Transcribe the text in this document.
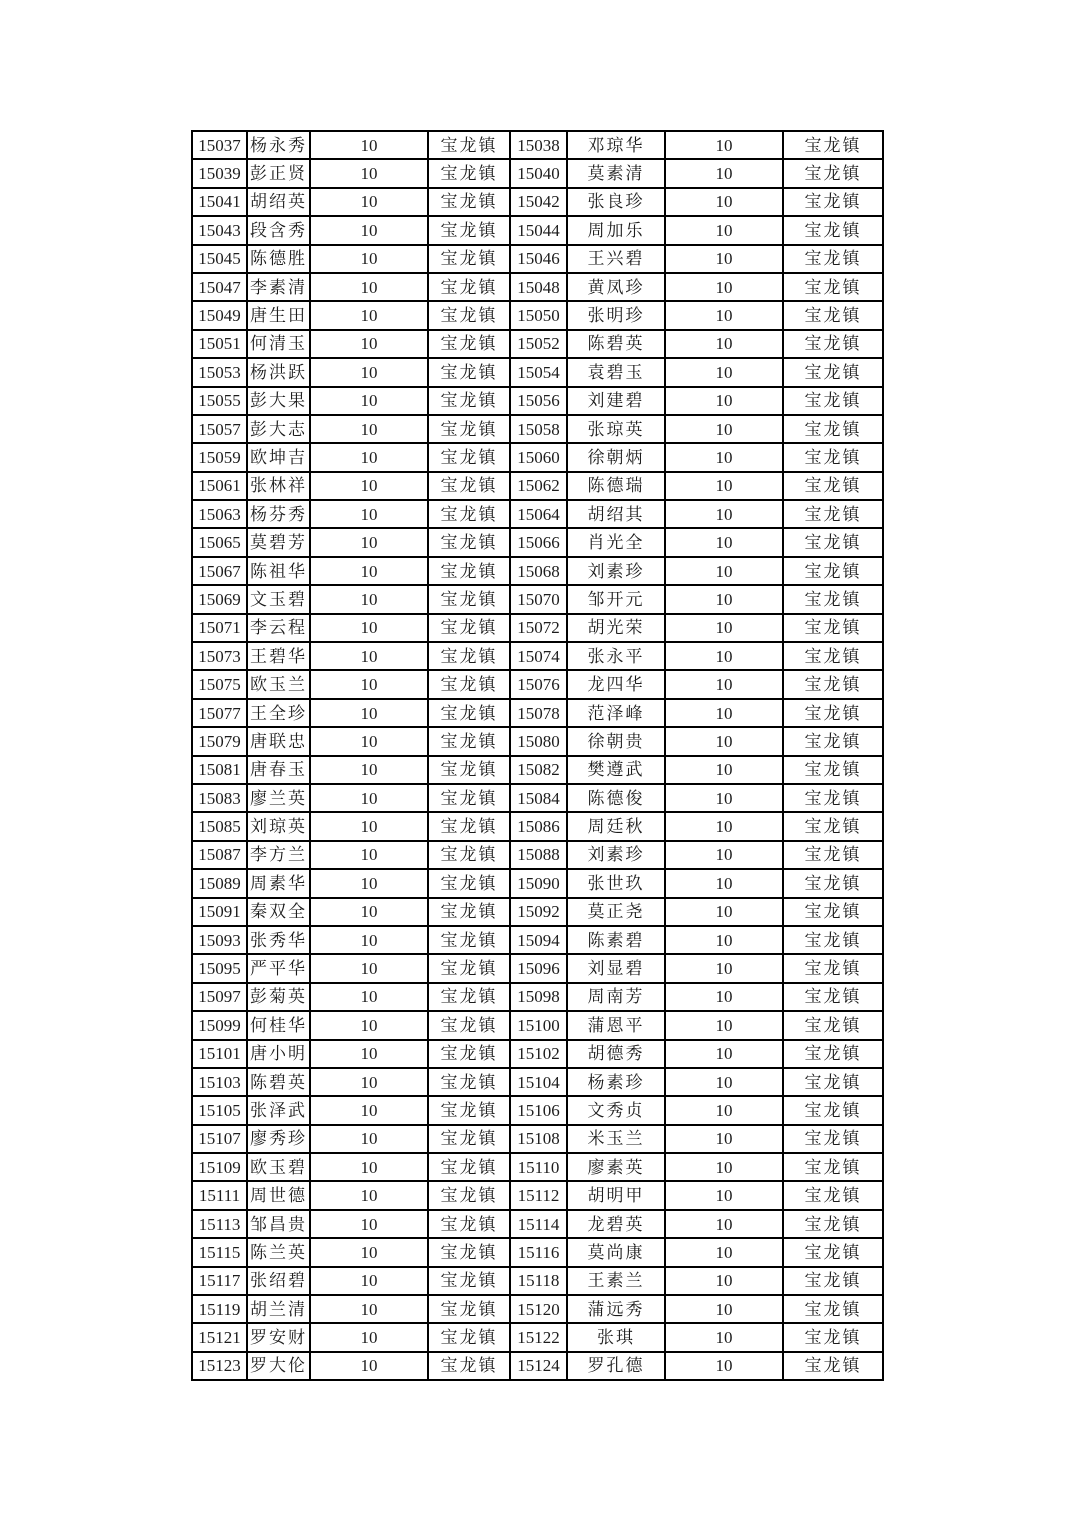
15037	杨永秀	10	宝龙镇	15038	邓琼华	10	宝龙镇
15039	彭正贤	10	宝龙镇	15040	莫素清	10	宝龙镇
15041	胡绍英	10	宝龙镇	15042	张良珍	10	宝龙镇
15043	段含秀	10	宝龙镇	15044	周加乐	10	宝龙镇
15045	陈德胜	10	宝龙镇	15046	王兴碧	10	宝龙镇
15047	李素清	10	宝龙镇	15048	黄凤珍	10	宝龙镇
15049	唐生田	10	宝龙镇	15050	张明珍	10	宝龙镇
15051	何清玉	10	宝龙镇	15052	陈碧英	10	宝龙镇
15053	杨洪跃	10	宝龙镇	15054	袁碧玉	10	宝龙镇
15055	彭大果	10	宝龙镇	15056	刘建碧	10	宝龙镇
15057	彭大志	10	宝龙镇	15058	张琼英	10	宝龙镇
15059	欧坤吉	10	宝龙镇	15060	徐朝炳	10	宝龙镇
15061	张林祥	10	宝龙镇	15062	陈德瑞	10	宝龙镇
15063	杨芬秀	10	宝龙镇	15064	胡绍其	10	宝龙镇
15065	莫碧芳	10	宝龙镇	15066	肖光全	10	宝龙镇
15067	陈祖华	10	宝龙镇	15068	刘素珍	10	宝龙镇
15069	文玉碧	10	宝龙镇	15070	邹开元	10	宝龙镇
15071	李云程	10	宝龙镇	15072	胡光荣	10	宝龙镇
15073	王碧华	10	宝龙镇	15074	张永平	10	宝龙镇
15075	欧玉兰	10	宝龙镇	15076	龙四华	10	宝龙镇
15077	王全珍	10	宝龙镇	15078	范泽峰	10	宝龙镇
15079	唐联忠	10	宝龙镇	15080	徐朝贵	10	宝龙镇
15081	唐春玉	10	宝龙镇	15082	樊遵武	10	宝龙镇
15083	廖兰英	10	宝龙镇	15084	陈德俊	10	宝龙镇
15085	刘琼英	10	宝龙镇	15086	周廷秋	10	宝龙镇
15087	李方兰	10	宝龙镇	15088	刘素珍	10	宝龙镇
15089	周素华	10	宝龙镇	15090	张世玖	10	宝龙镇
15091	秦双全	10	宝龙镇	15092	莫正尧	10	宝龙镇
15093	张秀华	10	宝龙镇	15094	陈素碧	10	宝龙镇
15095	严平华	10	宝龙镇	15096	刘显碧	10	宝龙镇
15097	彭菊英	10	宝龙镇	15098	周南芳	10	宝龙镇
15099	何桂华	10	宝龙镇	15100	蒲恩平	10	宝龙镇
15101	唐小明	10	宝龙镇	15102	胡德秀	10	宝龙镇
15103	陈碧英	10	宝龙镇	15104	杨素珍	10	宝龙镇
15105	张泽武	10	宝龙镇	15106	文秀贞	10	宝龙镇
15107	廖秀珍	10	宝龙镇	15108	米玉兰	10	宝龙镇
15109	欧玉碧	10	宝龙镇	15110	廖素英	10	宝龙镇
15111	周世德	10	宝龙镇	15112	胡明甲	10	宝龙镇
15113	邹昌贵	10	宝龙镇	15114	龙碧英	10	宝龙镇
15115	陈兰英	10	宝龙镇	15116	莫尚康	10	宝龙镇
15117	张绍碧	10	宝龙镇	15118	王素兰	10	宝龙镇
15119	胡兰清	10	宝龙镇	15120	蒲远秀	10	宝龙镇
15121	罗安财	10	宝龙镇	15122	张琪	10	宝龙镇
15123	罗大伦	10	宝龙镇	15124	罗孔德	10	宝龙镇
